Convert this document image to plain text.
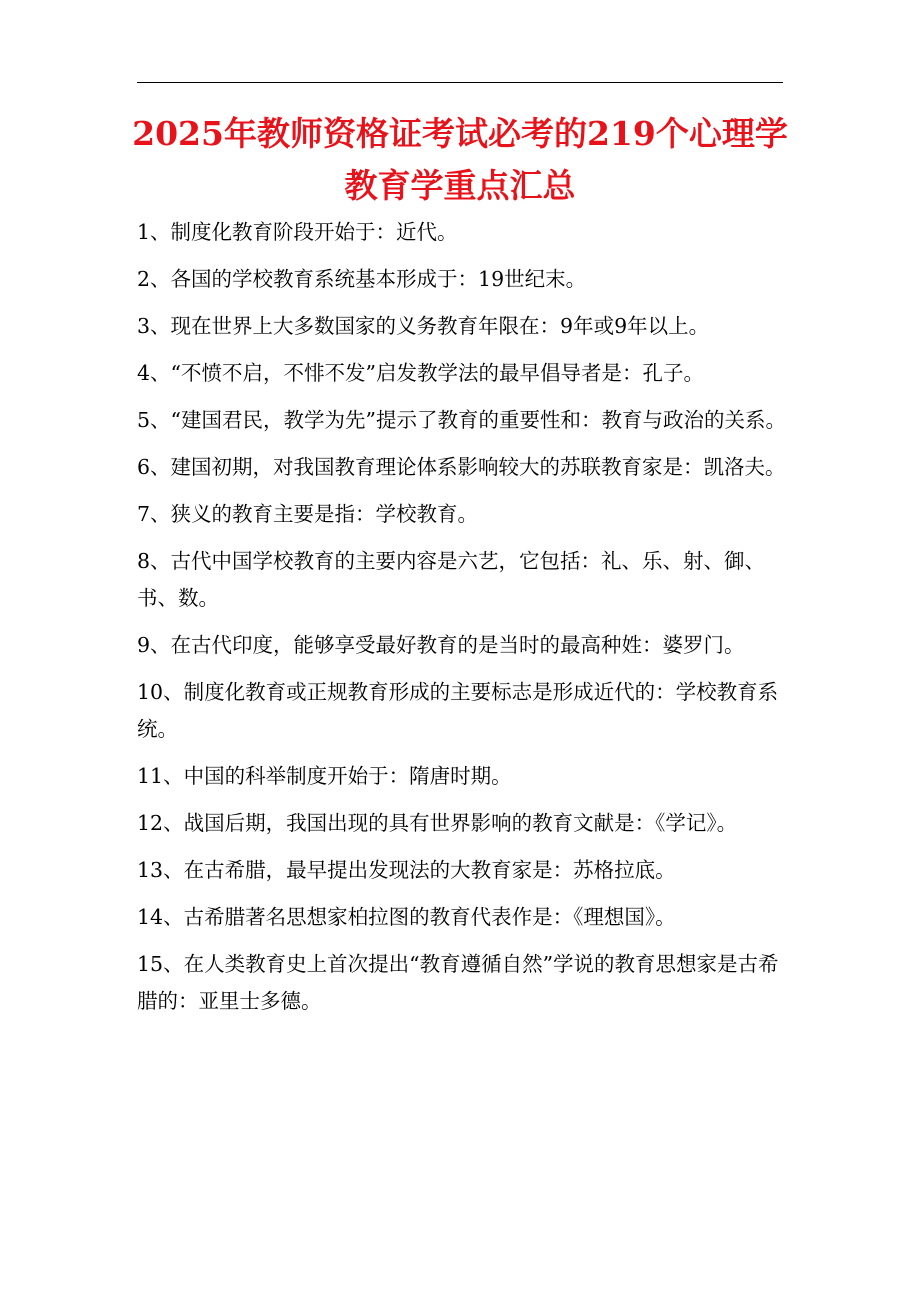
2025年教师资格证考试必考的219个心理学教育学重点汇总
1、制度化教育阶段开始于：近代。
2、各国的学校教育系统基本形成于：19世纪末。
3、现在世界上大多数国家的义务教育年限在：9年或9年以上。
4、“不愤不启，不悱不发”启发教学法的最早倡导者是：孔子。
5、“建国君民，教学为先”提示了教育的重要性和：教育与政治的关系。
6、建国初期，对我国教育理论体系影响较大的苏联教育家是：凯洛夫。
7、狭义的教育主要是指：学校教育。
8、古代中国学校教育的主要内容是六艺，它包括：礼、乐、射、御、书、数。
9、在古代印度，能够享受最好教育的是当时的最高种姓：婆罗门。
10、制度化教育或正规教育形成的主要标志是形成近代的：学校教育系统。
11、中国的科举制度开始于：隋唐时期。
12、战国后期，我国出现的具有世界影响的教育文献是：《学记》。
13、在古希腊，最早提出发现法的大教育家是：苏格拉底。
14、古希腊著名思想家柏拉图的教育代表作是：《理想国》。
15、在人类教育史上首次提出“教育遵循自然”学说的教育思想家是古希腊的：亚里士多德。
